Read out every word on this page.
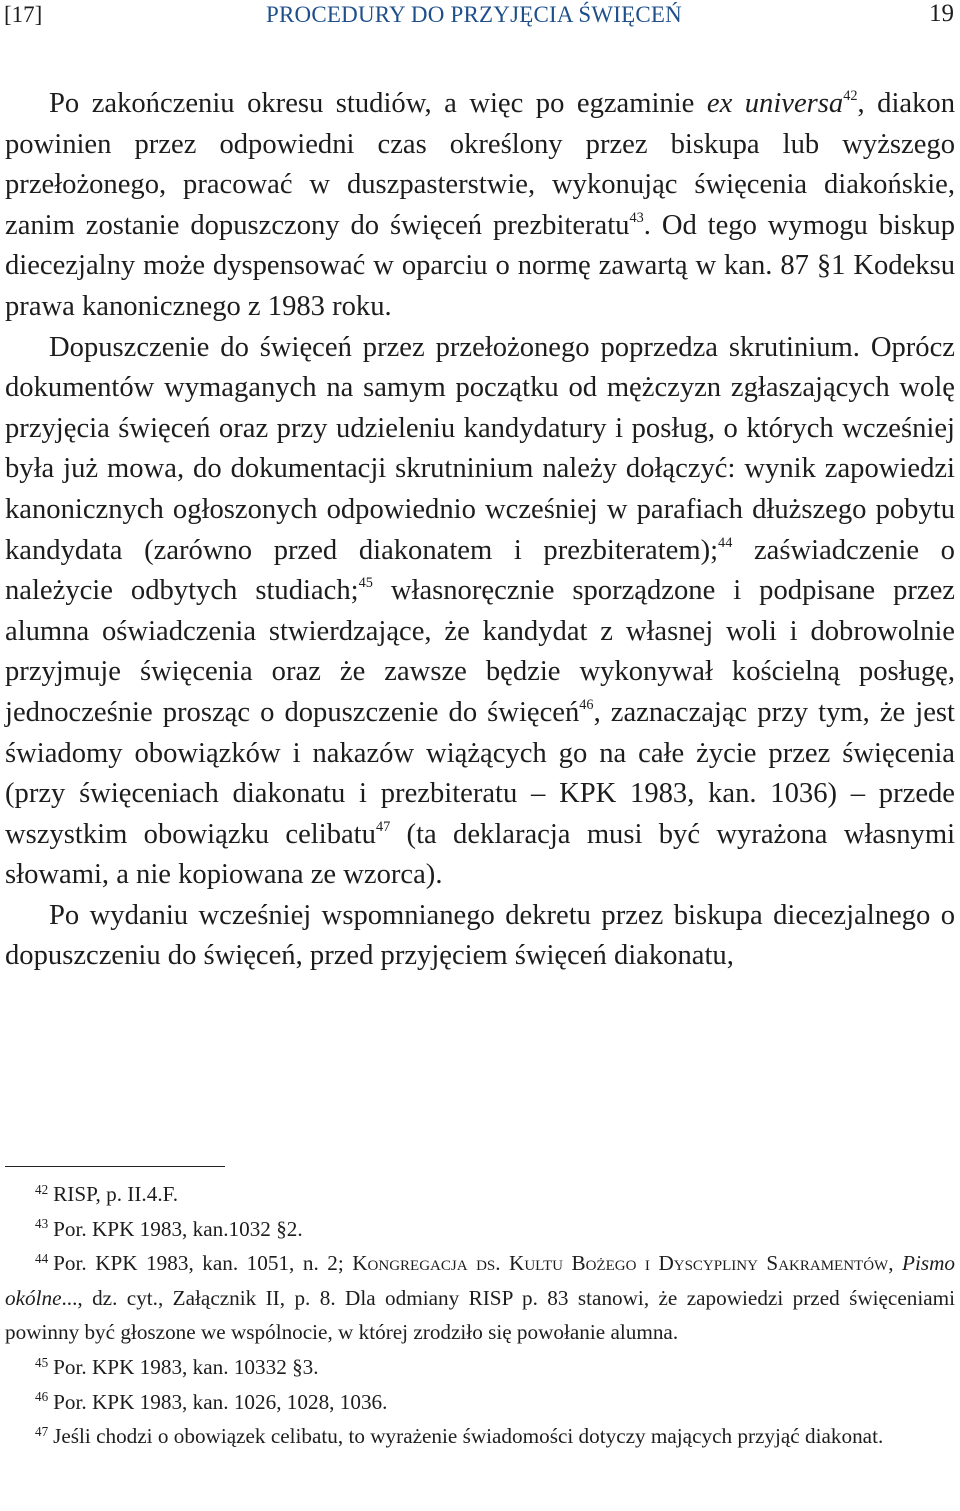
[17]	PROCEDURY DO PRZYJĘCIA ŚWIĘCEŃ	19

Po zakończeniu okresu studiów, a więc po egzaminie ex universa$^{42}$, diakon powinien przez odpowiedni czas określony przez biskupa lub wyższego przełożonego, pracować w duszpasterstwie, wykonując święcenia diakońskie, zanim zostanie dopuszczony do święceń prezbiteratu$^{43}$. Od tego wymogu biskup diecezjalny może dyspensować w oparciu o normę zawartą w kan. 87 §1 Kodeksu prawa kanonicznego z 1983 roku.

Dopuszczenie do święceń przez przełożonego poprzedza skrutinium. Oprócz dokumentów wymaganych na samym początku od mężczyzn zgłaszających wolę przyjęcia święceń oraz przy udzieleniu kandydatury i posług, o których wcześniej była już mowa, do dokumentacji skrutninium należy dołączyć: wynik zapowiedzi kanonicznych ogłoszonych odpowiednio wcześniej w parafiach dłuższego pobytu kandydata (zarówno przed diakonatem i prezbiteratem);$^{44}$ zaświadczenie o należycie odbytych studiach;$^{45}$ własnoręcznie sporządzone i podpisane przez alumna oświadczenia stwierdzające, że kandydat z własnej woli i dobrowolnie przyjmuje święcenia oraz że zawsze będzie wykonywał kościelną posługę, jednocześnie prosząc o dopuszczenie do święceń$^{46}$, zaznaczając przy tym, że jest świadomy obowiązków i nakazów wiążących go na całe życie przez święcenia (przy święceniach diakonatu i prezbiteratu – KPK 1983, kan. 1036) – przede wszystkim obowiązku celibatu$^{47}$ (ta deklaracja musi być wyrażona własnymi słowami, a nie kopiowana ze wzorca).

Po wydaniu wcześniej wspomnianego dekretu przez biskupa diecezjalnego o dopuszczeniu do święceń, przed przyjęciem święceń diakonatu,

$^{42}$ RISP, p. II.4.F.
$^{43}$ Por. KPK 1983, kan.1032 §2.
$^{44}$ Por. KPK 1983, kan. 1051, n. 2; Kongregacja ds. Kultu Bożego i Dyscypliny Sakramentów, Pismo okólne..., dz. cyt., Załącznik II, p. 8. Dla odmiany RISP p. 83 stanowi, że zapowiedzi przed święceniami powinny być głoszone we wspólnocie, w której zrodziło się powołanie alumna.
$^{45}$ Por. KPK 1983, kan. 10332 §3.
$^{46}$ Por. KPK 1983, kan. 1026, 1028, 1036.
$^{47}$ Jeśli chodzi o obowiązek celibatu, to wyrażenie świadomości dotyczy mających przyjąć diakonat.
